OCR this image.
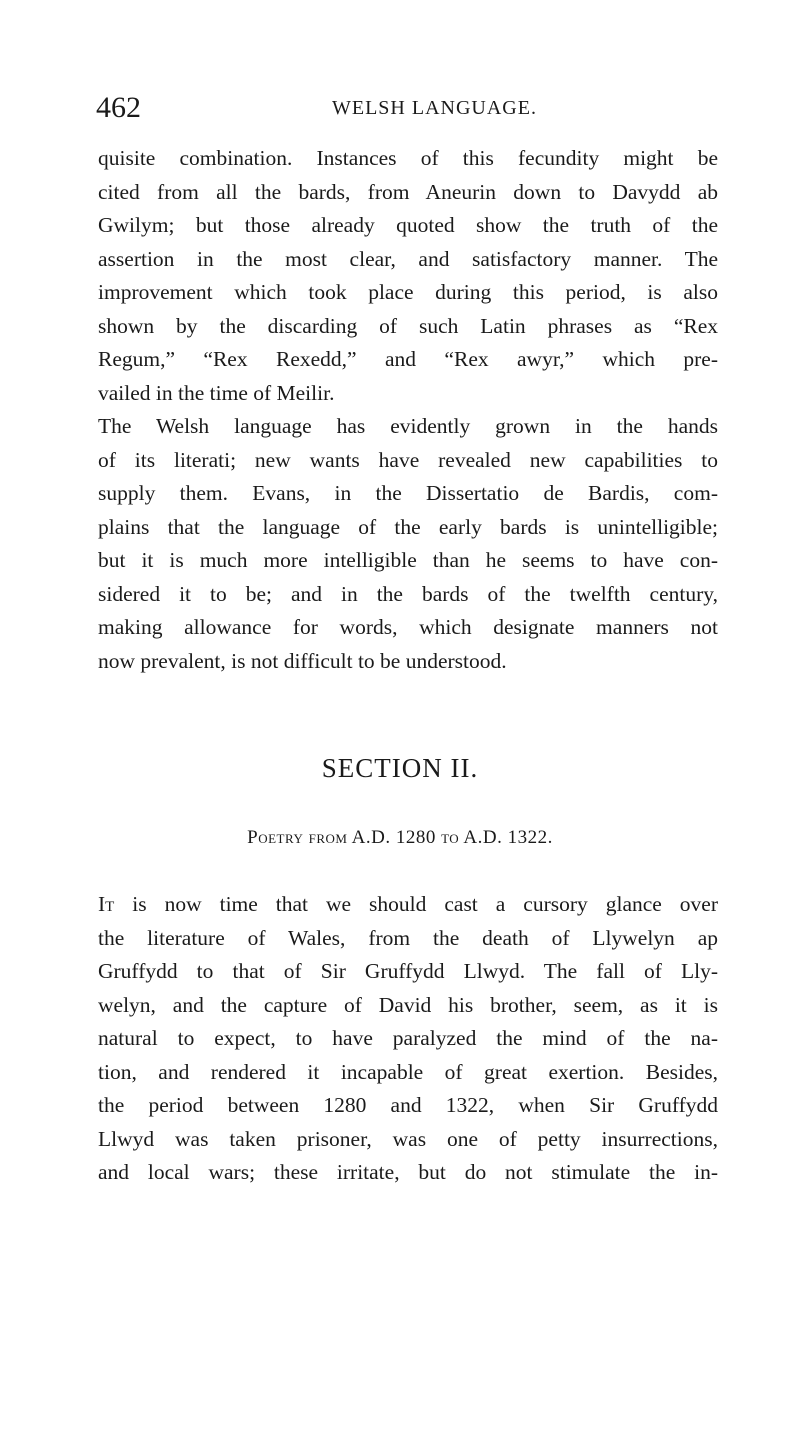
462	WELSH LANGUAGE.
quisite combination. Instances of this fecundity might be
cited from all the bards, from Aneurin down to Davydd ab
Gwilym; but those already quoted show the truth of the
assertion in the most clear, and satisfactory manner. The
improvement which took place during this period, is also
shown by the discarding of such Latin phrases as “Rex
Regum,” “Rex Rexedd,” and “Rex awyr,” which pre-
vailed in the time of Meilir.
The Welsh language has evidently grown in the hands
of its literati; new wants have revealed new capabilities to
supply them. Evans, in the Dissertatio de Bardis, com-
plains that the language of the early bards is unintelligible;
but it is much more intelligible than he seems to have con-
sidered it to be; and in the bards of the twelfth century,
making allowance for words, which designate manners not
now prevalent, is not difficult to be understood.
SECTION II.
Poetry from A.D. 1280 to A.D. 1322.
It is now time that we should cast a cursory glance over
the literature of Wales, from the death of Llywelyn ap
Gruffydd to that of Sir Gruffydd Llwyd. The fall of Lly-
welyn, and the capture of David his brother, seem, as it is
natural to expect, to have paralyzed the mind of the na-
tion, and rendered it incapable of great exertion. Besides,
the period between 1280 and 1322, when Sir Gruffydd
Llwyd was taken prisoner, was one of petty insurrections,
and local wars; these irritate, but do not stimulate the in-
